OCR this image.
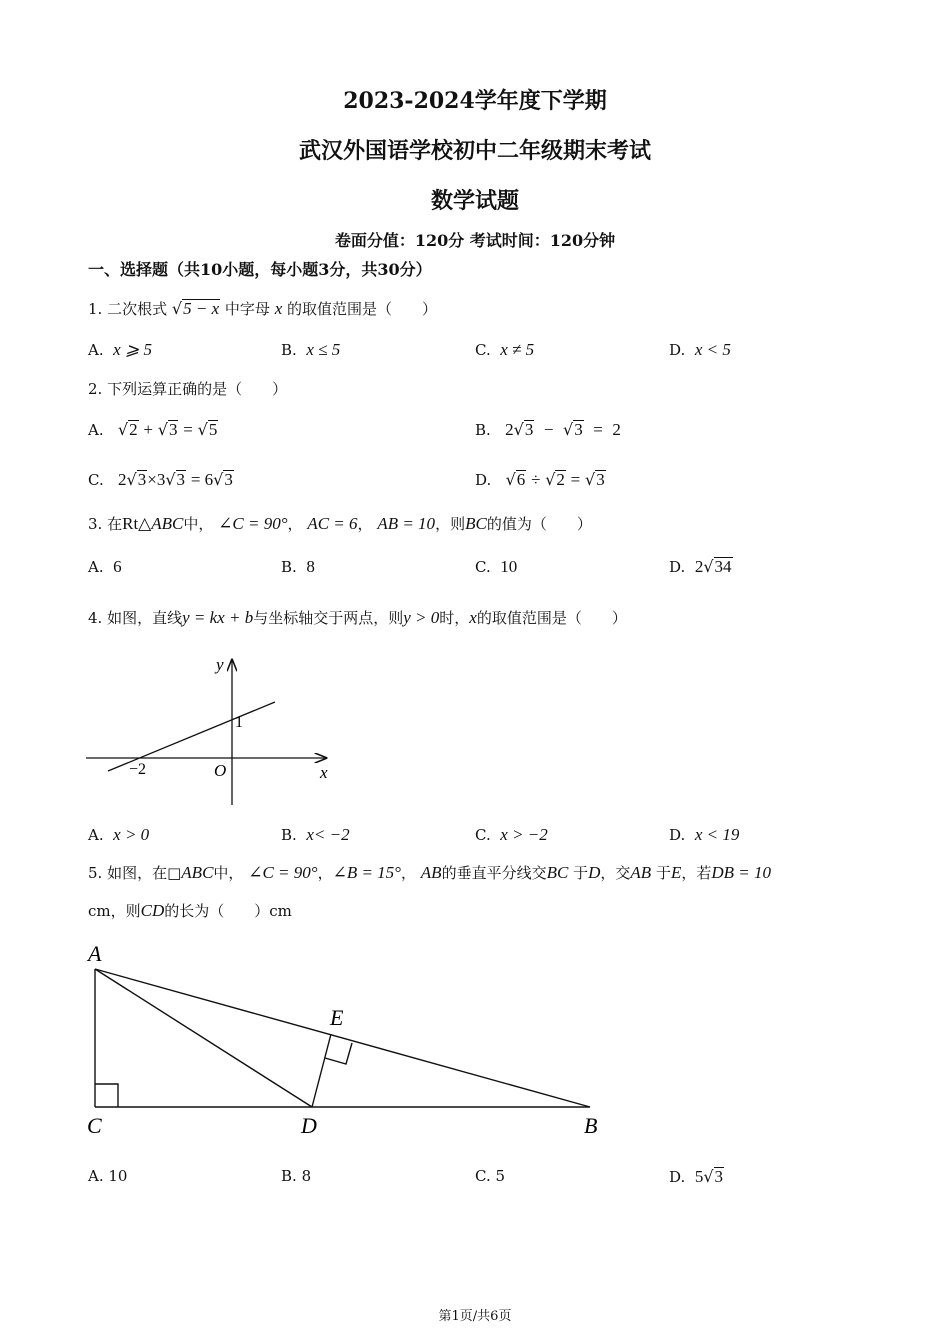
2023-2024学年度下学期
武汉外国语学校初中二年级期末考试
数学试题
卷面分值：120分 考试时间：120分钟
一、选择题（共10小题，每小题3分，共30分）
1. 二次根式 √5 − x 中字母 x 的取值范围是（　　）
A. x ⩾ 5	B. x ≤ 5	C. x ≠ 5	D. x < 5
2. 下列运算正确的是（　　）
A. √2 + √3 = √5	B. 2√3 − √3 = 2
C. 2√3×3√3 = 6√3	D. √6 ÷ √2 = √3
3. 在Rt△ABC中， ∠C = 90°， AC = 6， AB = 10，则BC的值为（　　）
A. 6	B. 8	C. 10	D. 2√34
4. 如图，直线y = kx + b与坐标轴交于两点，则y > 0时，x的取值范围是（　　）
y
x
O
1
−2
A. x > 0	B. x< −2	C. x > −2	D. x < 19
5. 如图，在□ABC中， ∠C = 90°，∠B = 15°， AB的垂直平分线交BC 于D，交AB 于E，若DB = 10
cm，则CD的长为（　　）cm
A
E
C	D	B
A. 10	B. 8	C. 5	D. 5√3
第1页/共6页
